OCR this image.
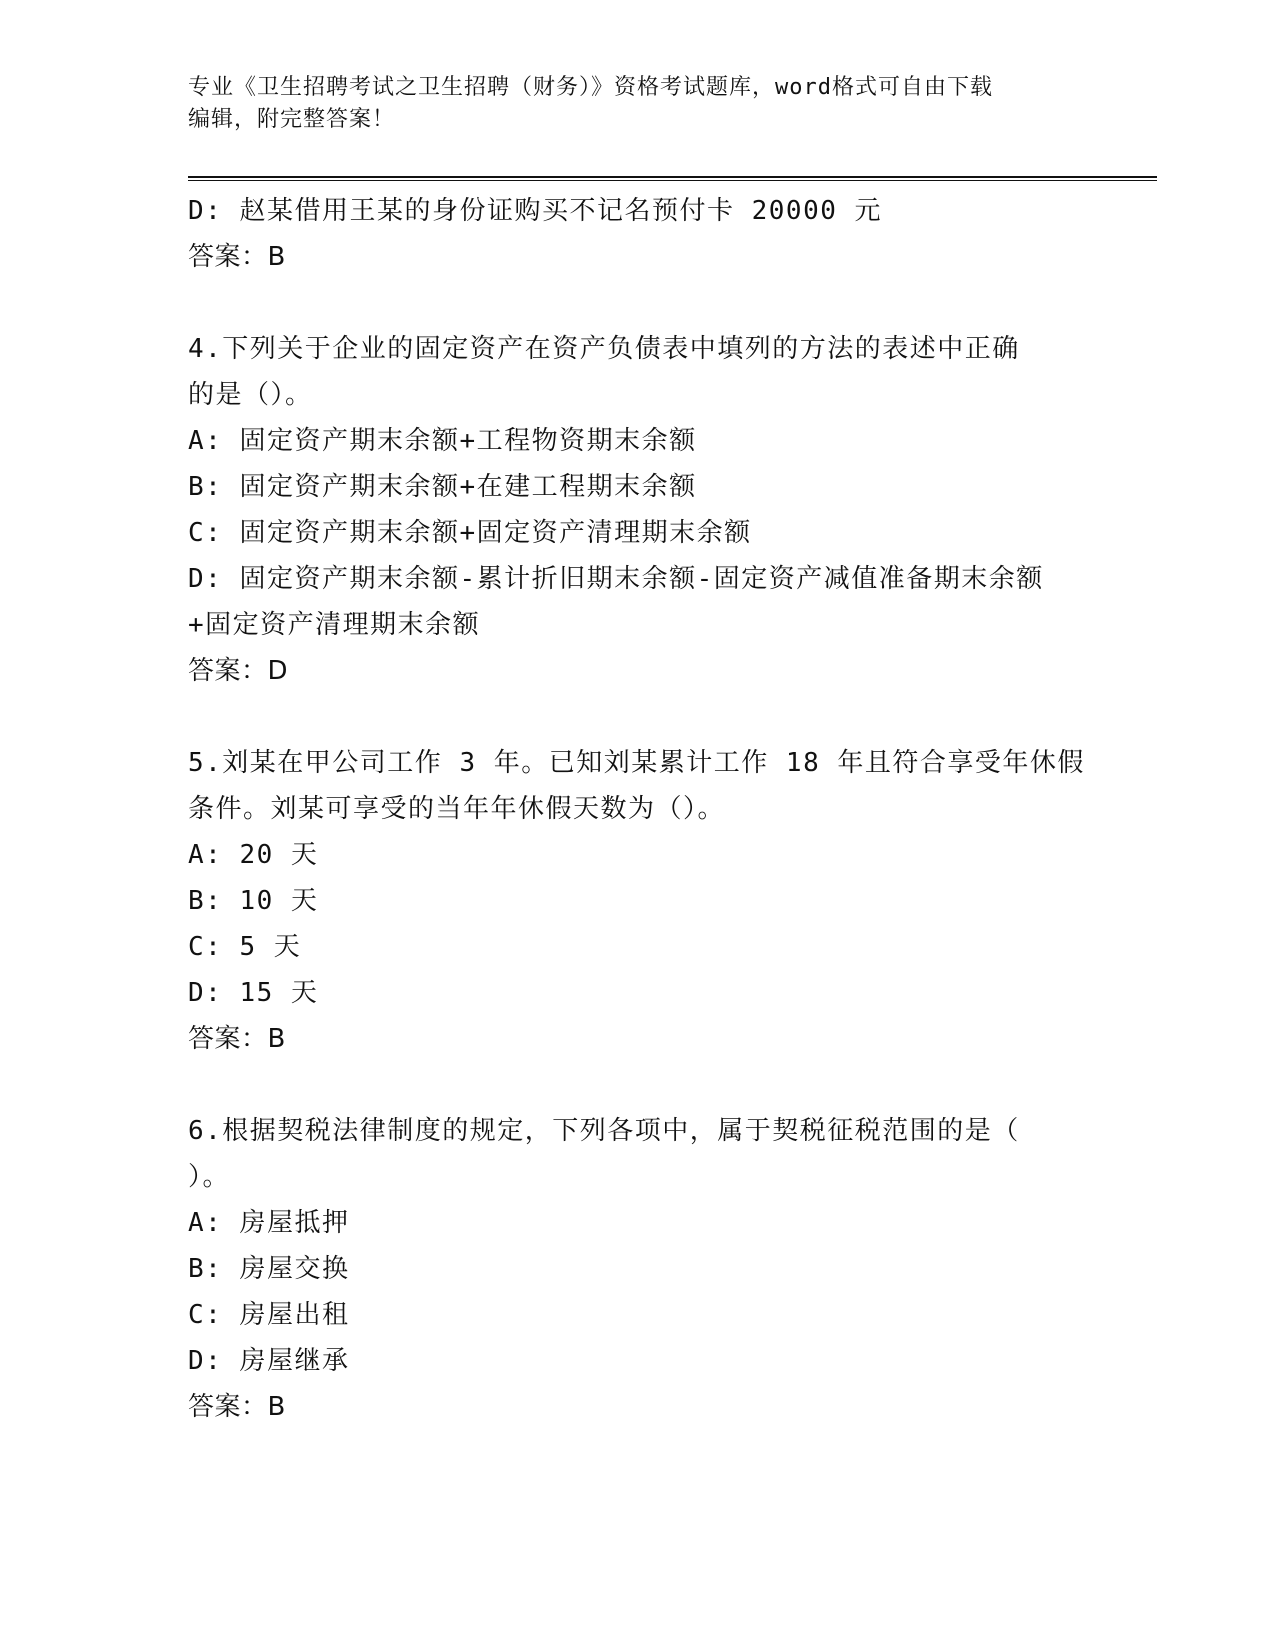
专业《卫生招聘考试之卫生招聘（财务）》资格考试题库，word格式可自由下载
编辑，附完整答案！
D: 赵某借用王某的身份证购买不记名预付卡 20000 元
答案：B
4.下列关于企业的固定资产在资产负债表中填列的方法的表述中正确
的是（）。
A: 固定资产期末余额+工程物资期末余额
B: 固定资产期末余额+在建工程期末余额
C: 固定资产期末余额+固定资产清理期末余额
D: 固定资产期末余额-累计折旧期末余额-固定资产减值准备期末余额
+固定资产清理期末余额
答案：D
5.刘某在甲公司工作 3 年。已知刘某累计工作 18 年且符合享受年休假
条件。刘某可享受的当年年休假天数为（）。
A: 20 天
B: 10 天
C: 5 天
D: 15 天
答案：B
6.根据契税法律制度的规定，下列各项中，属于契税征税范围的是（
）。
A: 房屋抵押
B: 房屋交换
C: 房屋出租
D: 房屋继承
答案：B
